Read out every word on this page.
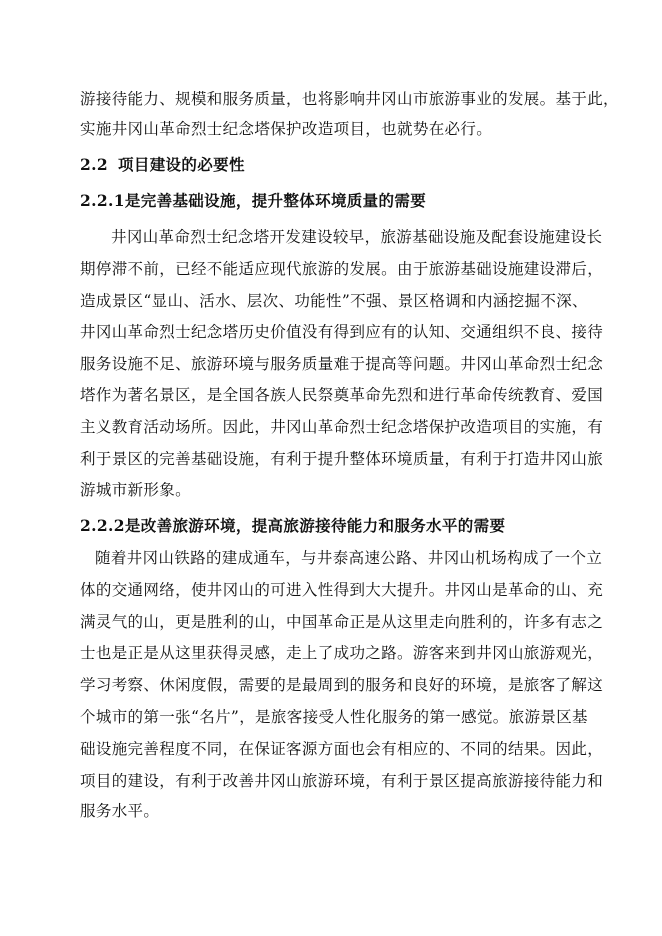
游接待能力、规模和服务质量，也将影响井冈山市旅游事业的发展。基于此，
实施井冈山革命烈士纪念塔保护改造项目，也就势在必行。
2.2 项目建设的必要性
2.2.1是完善基础设施，提升整体环境质量的需要
井冈山革命烈士纪念塔开发建设较早，旅游基础设施及配套设施建设长
期停滞不前，已经不能适应现代旅游的发展。由于旅游基础设施建设滞后，
造成景区“显山、活水、层次、功能性”不强、景区格调和内涵挖掘不深、
井冈山革命烈士纪念塔历史价值没有得到应有的认知、交通组织不良、接待
服务设施不足、旅游环境与服务质量难于提高等问题。井冈山革命烈士纪念
塔作为著名景区，是全国各族人民祭奠革命先烈和进行革命传统教育、爱国
主义教育活动场所。因此，井冈山革命烈士纪念塔保护改造项目的实施，有
利于景区的完善基础设施，有利于提升整体环境质量，有利于打造井冈山旅
游城市新形象。
2.2.2是改善旅游环境，提高旅游接待能力和服务水平的需要
随着井冈山铁路的建成通车，与井泰高速公路、井冈山机场构成了一个立
体的交通网络，使井冈山的可进入性得到大大提升。井冈山是革命的山、充
满灵气的山，更是胜利的山，中国革命正是从这里走向胜利的，许多有志之
士也是正是从这里获得灵感，走上了成功之路。游客来到井冈山旅游观光，
学习考察、休闲度假，需要的是最周到的服务和良好的环境，是旅客了解这
个城市的第一张“名片”，是旅客接受人性化服务的第一感觉。旅游景区基
础设施完善程度不同，在保证客源方面也会有相应的、不同的结果。因此，
项目的建设，有利于改善井冈山旅游环境，有利于景区提高旅游接待能力和
服务水平。
